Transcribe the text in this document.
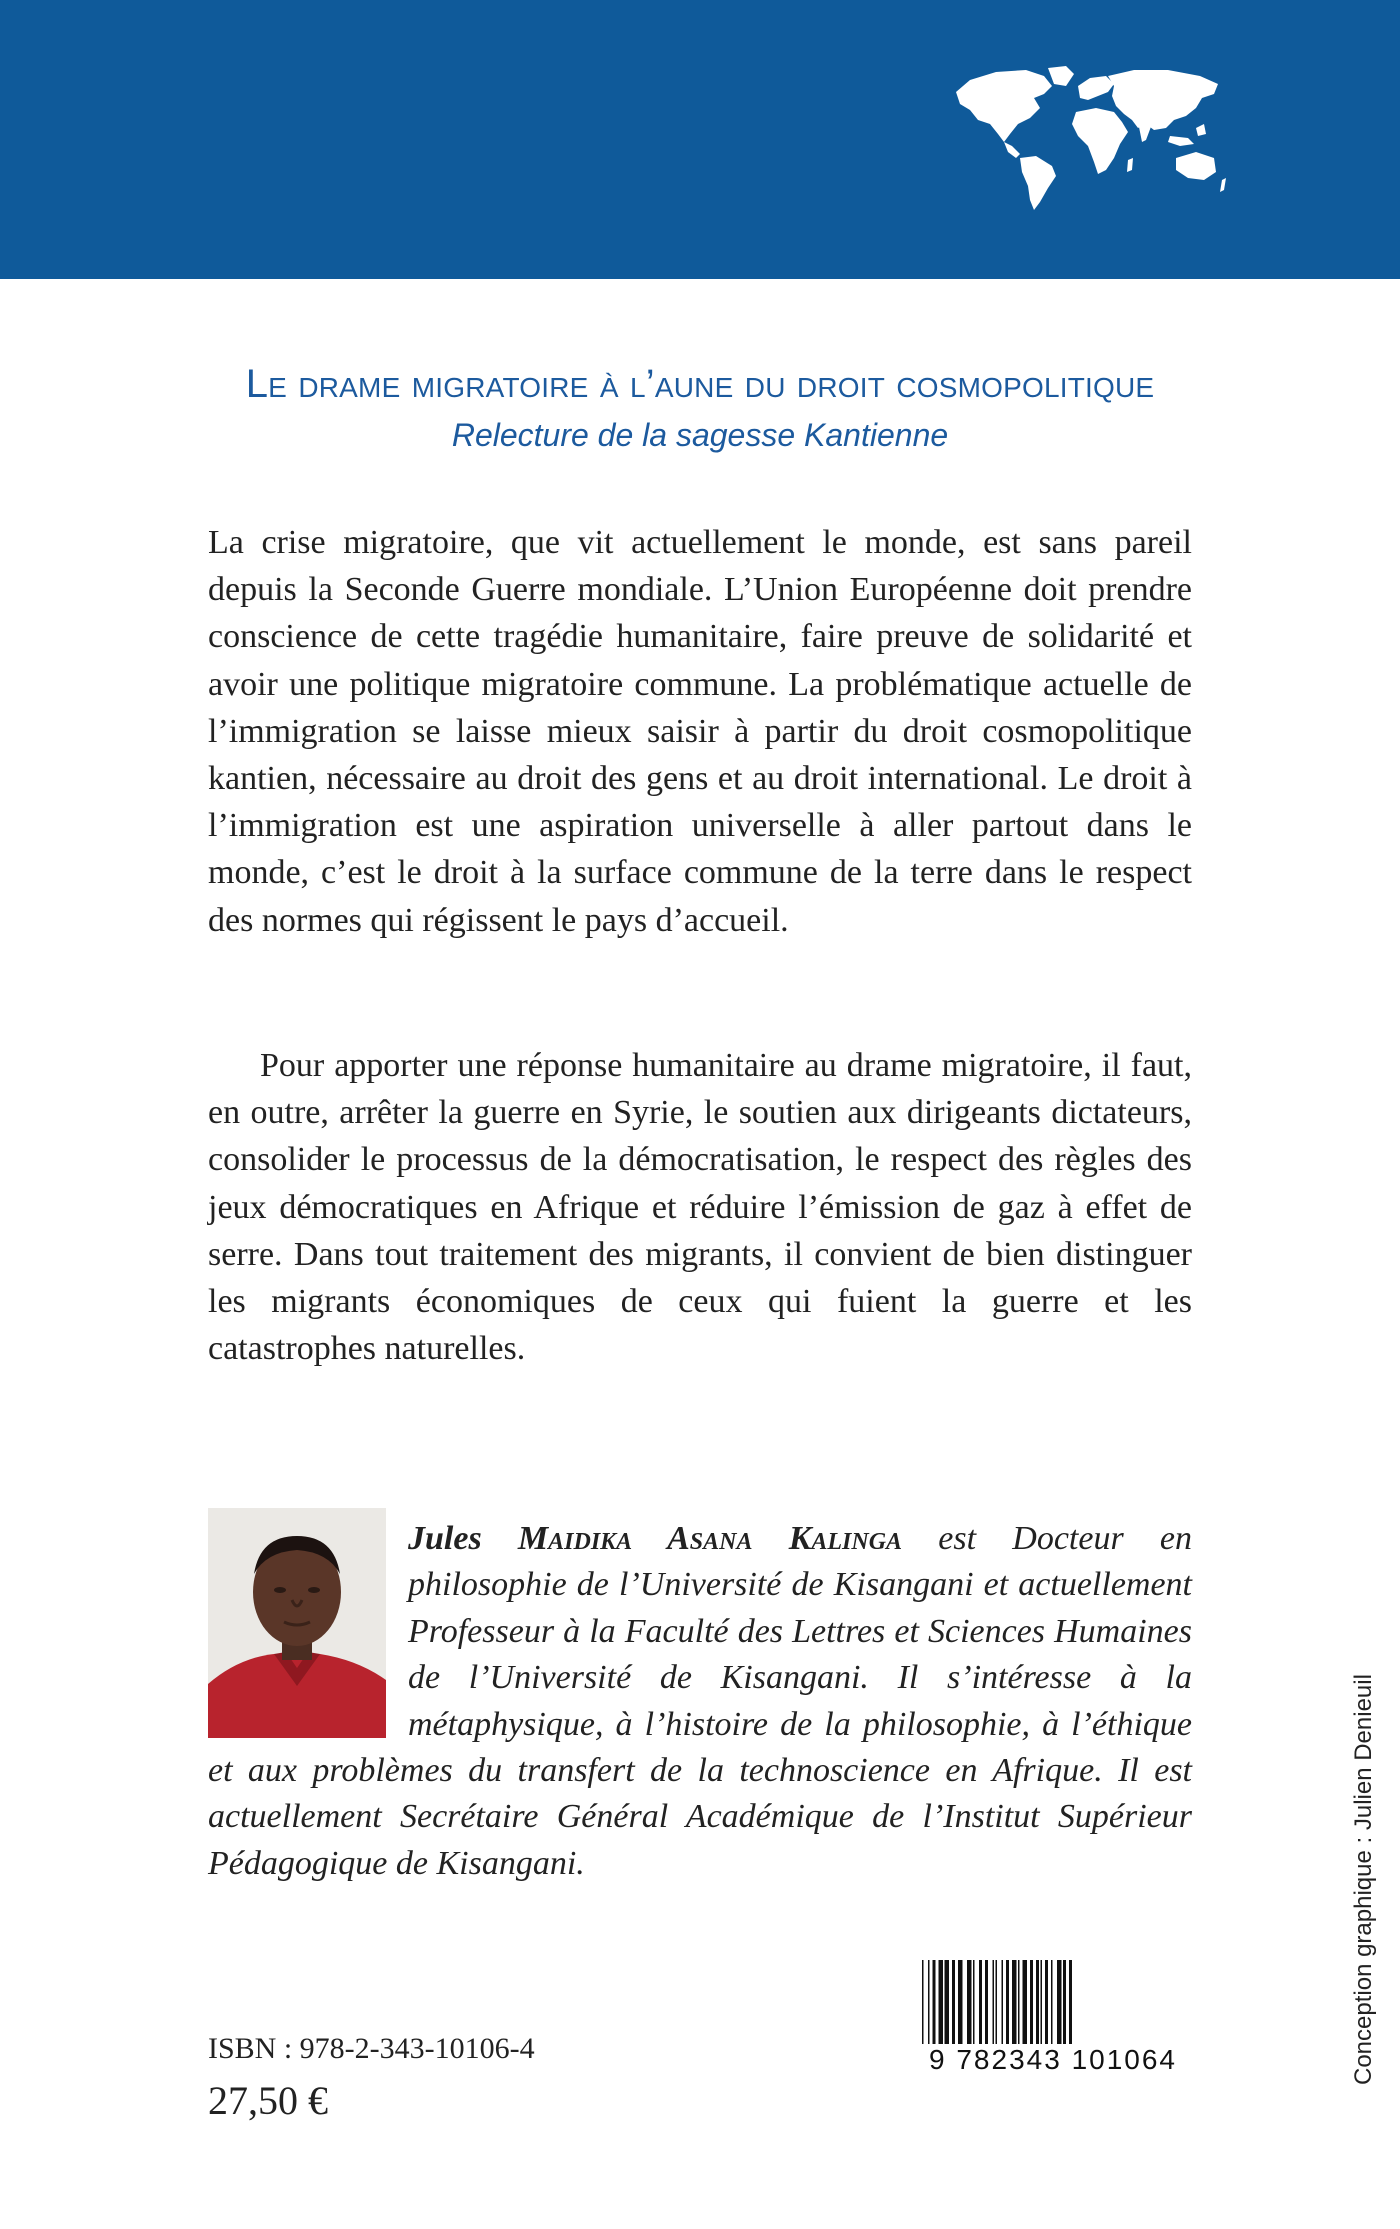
Le drame migratoire à l’aune du droit cosmopolitique
Relecture de la sagesse Kantienne
La crise migratoire, que vit actuellement le monde, est sans pareil depuis la Seconde Guerre mondiale. L’Union Européenne doit prendre conscience de cette tragédie humanitaire, faire preuve de solidarité et avoir une politique migratoire commune. La problématique actuelle de l’immigration se laisse mieux saisir à partir du droit cosmopolitique kantien, nécessaire au droit des gens et au droit international. Le droit à l’immigration est une aspiration universelle à aller partout dans le monde, c’est le droit à la surface commune de la terre dans le respect des normes qui régissent le pays d’accueil.
Pour apporter une réponse humanitaire au drame migratoire, il faut, en outre, arrêter la guerre en Syrie, le soutien aux dirigeants dictateurs, consolider le processus de la démocratisation, le respect des règles des jeux démocratiques en Afrique et réduire l’émission de gaz à effet de serre. Dans tout traitement des migrants, il convient de bien distinguer les migrants économiques de ceux qui fuient la guerre et les catastrophes naturelles.
Jules Maidika Asana Kalinga est Docteur en philosophie de l’Université de Kisangani et actuellement Professeur à la Faculté des Lettres et Sciences Humaines de l’Université de Kisangani. Il s’intéresse à la métaphysique, à l’histoire de la philosophie, à l’éthique et aux problèmes du transfert de la technoscience en Afrique. Il est actuellement Secrétaire Général Académique de l’Institut Supérieur Pédagogique de Kisangani.	Conception graphique : Julien Denieuil
ISBN : 978-2-343-10106-4
27,50 €
9 782343 101064
